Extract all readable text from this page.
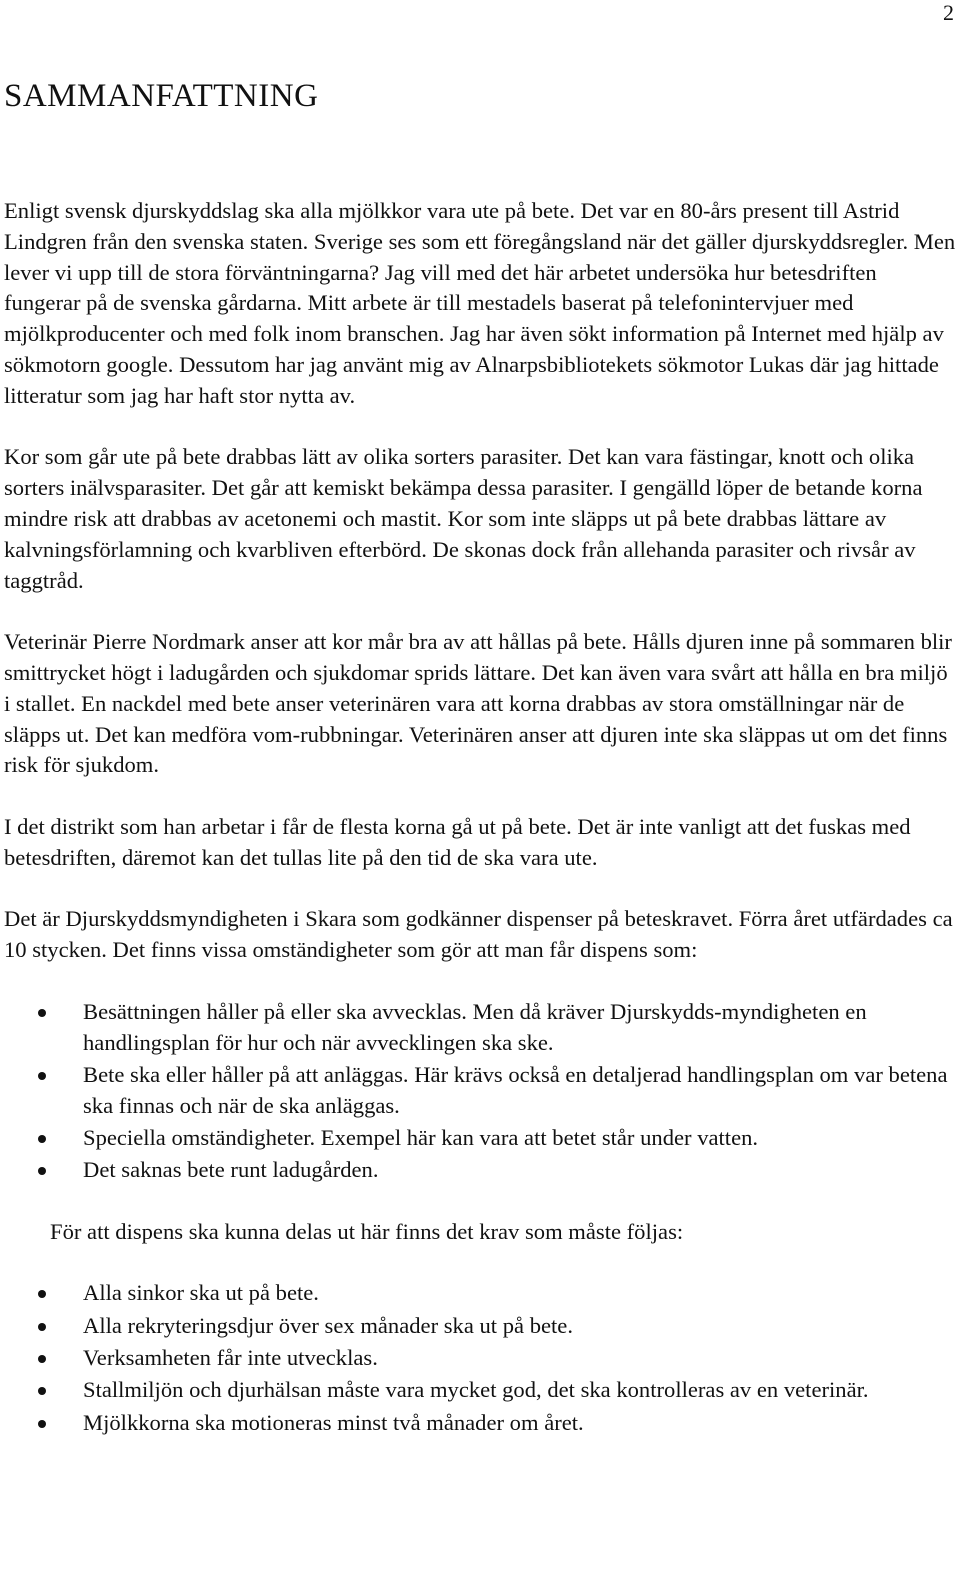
2
SAMMANFATTNING

Enligt svensk djurskyddslag ska alla mjölkkor vara ute på bete. Det var en 80-års present till Astrid Lindgren från den svenska staten. Sverige ses som ett föregångsland när det gäller djurskyddsregler. Men lever vi upp till de stora förväntningarna? Jag vill med det här arbetet undersöka hur betesdriften fungerar på de svenska gårdarna. Mitt arbete är till mestadels baserat på telefonintervjuer med mjölkproducenter och med folk inom branschen. Jag har även sökt information på Internet med hjälp av sökmotorn google. Dessutom har jag använt mig av Alnarpsbibliotekets sökmotor Lukas där jag hittade litteratur som jag har haft stor nytta av.

Kor som går ute på bete drabbas lätt av olika sorters parasiter. Det kan vara fästingar, knott och olika sorters inälvsparasiter. Det går att kemiskt bekämpa dessa parasiter. I gengälld löper de betande korna mindre risk att drabbas av acetonemi och mastit. Kor som inte släpps ut på bete drabbas lättare av kalvningsförlamning och kvarbliven efterbörd. De skonas dock från allehanda parasiter och rivsår av taggtråd.

Veterinär Pierre Nordmark anser att kor mår bra av att hållas på bete. Hålls djuren inne på sommaren blir smittrycket högt i ladugården och sjukdomar sprids lättare. Det kan även vara svårt att hålla en bra miljö i stallet. En nackdel med bete anser veterinären vara att korna drabbas av stora omställningar när de släpps ut. Det kan medföra vom-rubbningar. Veterinären anser att djuren inte ska släppas ut om det finns risk för sjukdom.

I det distrikt som han arbetar i får de flesta korna gå ut på bete. Det är inte vanligt att det fuskas med betesdriften, däremot kan det tullas lite på den tid de ska vara ute.

Det är Djurskyddsmyndigheten i Skara som godkänner dispenser på beteskravet. Förra året utfärdades ca 10 stycken. Det finns vissa omständigheter som gör att man får dispens som:

Besättningen håller på eller ska avvecklas. Men då kräver Djurskydds-myndigheten en handlingsplan för hur och när avvecklingen ska ske.
Bete ska eller håller på att anläggas. Här krävs också en detaljerad handlingsplan om var betena ska finnas och när de ska anläggas.
Speciella omständigheter. Exempel här kan vara att betet står under vatten.
Det saknas bete runt ladugården.

För att dispens ska kunna delas ut här finns det krav som måste följas:

Alla sinkor ska ut på bete.
Alla rekryteringsdjur över sex månader ska ut på bete.
Verksamheten får inte utvecklas.
Stallmiljön och djurhälsan måste vara mycket god, det ska kontrolleras av en veterinär.
Mjölkkorna ska motioneras minst två månader om året.
